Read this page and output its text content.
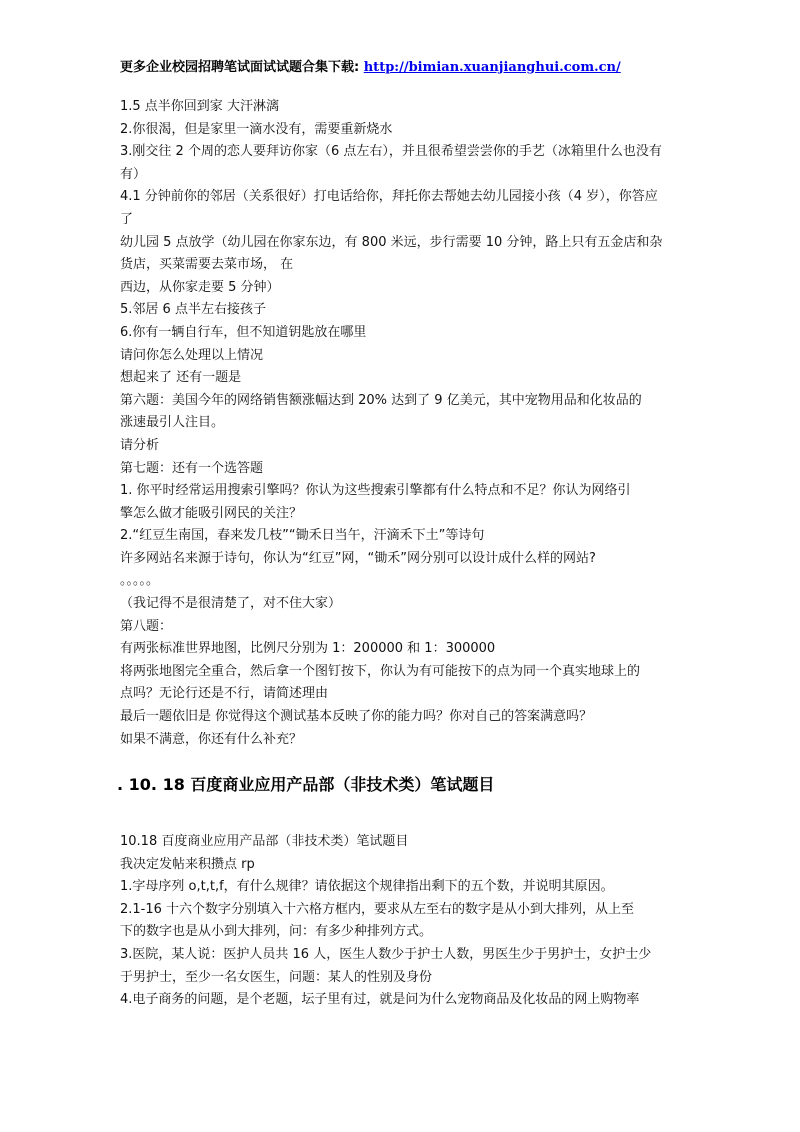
更多企业校园招聘笔试面试试题合集下载: http://bimian.xuanjianghui.com.cn/
1.5 点半你回到家 大汗淋漓
2.你很渴，但是家里一滴水没有，需要重新烧水
3.刚交往 2 个周的恋人要拜访你家（6 点左右），并且很希望尝尝你的手艺（冰箱里什么也没有
有）
4.1 分钟前你的邻居（关系很好）打电话给你，拜托你去帮她去幼儿园接小孩（4 岁），你答应
了
幼儿园 5 点放学（幼儿园在你家东边，有 800 米远，步行需要 10 分钟，路上只有五金店和杂
货店，买菜需要去菜市场， 在
西边，从你家走要 5 分钟）
5.邻居 6 点半左右接孩子
6.你有一辆自行车，但不知道钥匙放在哪里
请问你怎么处理以上情况
想起来了 还有一题是
第六题：美国今年的网络销售额涨幅达到 20% 达到了 9 亿美元，其中宠物用品和化妆品的
涨速最引人注目。
请分析
第七题：还有一个选答题
1. 你平时经常运用搜索引擎吗？你认为这些搜索引擎都有什么特点和不足？你认为网络引
擎怎么做才能吸引网民的关注？
2.“红豆生南国，春来发几枝”“锄禾日当午，汗滴禾下土”等诗句
许多网站名来源于诗句，你认为“红豆”网，“锄禾”网分别可以设计成什么样的网站?
。。。。。
（我记得不是很清楚了，对不住大家）
第八题：
有两张标准世界地图，比例尺分别为 1：200000 和 1：300000
将两张地图完全重合，然后拿一个图钉按下，你认为有可能按下的点为同一个真实地球上的
点吗？无论行还是不行，请简述理由
最后一题依旧是 你觉得这个测试基本反映了你的能力吗？你对自己的答案满意吗？
如果不满意，你还有什么补充？
. 10. 18 百度商业应用产品部（非技术类）笔试题目
10.18 百度商业应用产品部（非技术类）笔试题目
我决定发帖来积攒点 rp
1.字母序列 o,t,t,f，有什么规律？请依据这个规律指出剩下的五个数，并说明其原因。
2.1-16 十六个数字分别填入十六格方框内，要求从左至右的数字是从小到大排列，从上至
下的数字也是从小到大排列，问：有多少种排列方式。
3.医院，某人说：医护人员共 16 人，医生人数少于护士人数，男医生少于男护士，女护士少
于男护士，至少一名女医生，问题：某人的性别及身份
4.电子商务的问题，是个老题，坛子里有过，就是问为什么宠物商品及化妆品的网上购物率
